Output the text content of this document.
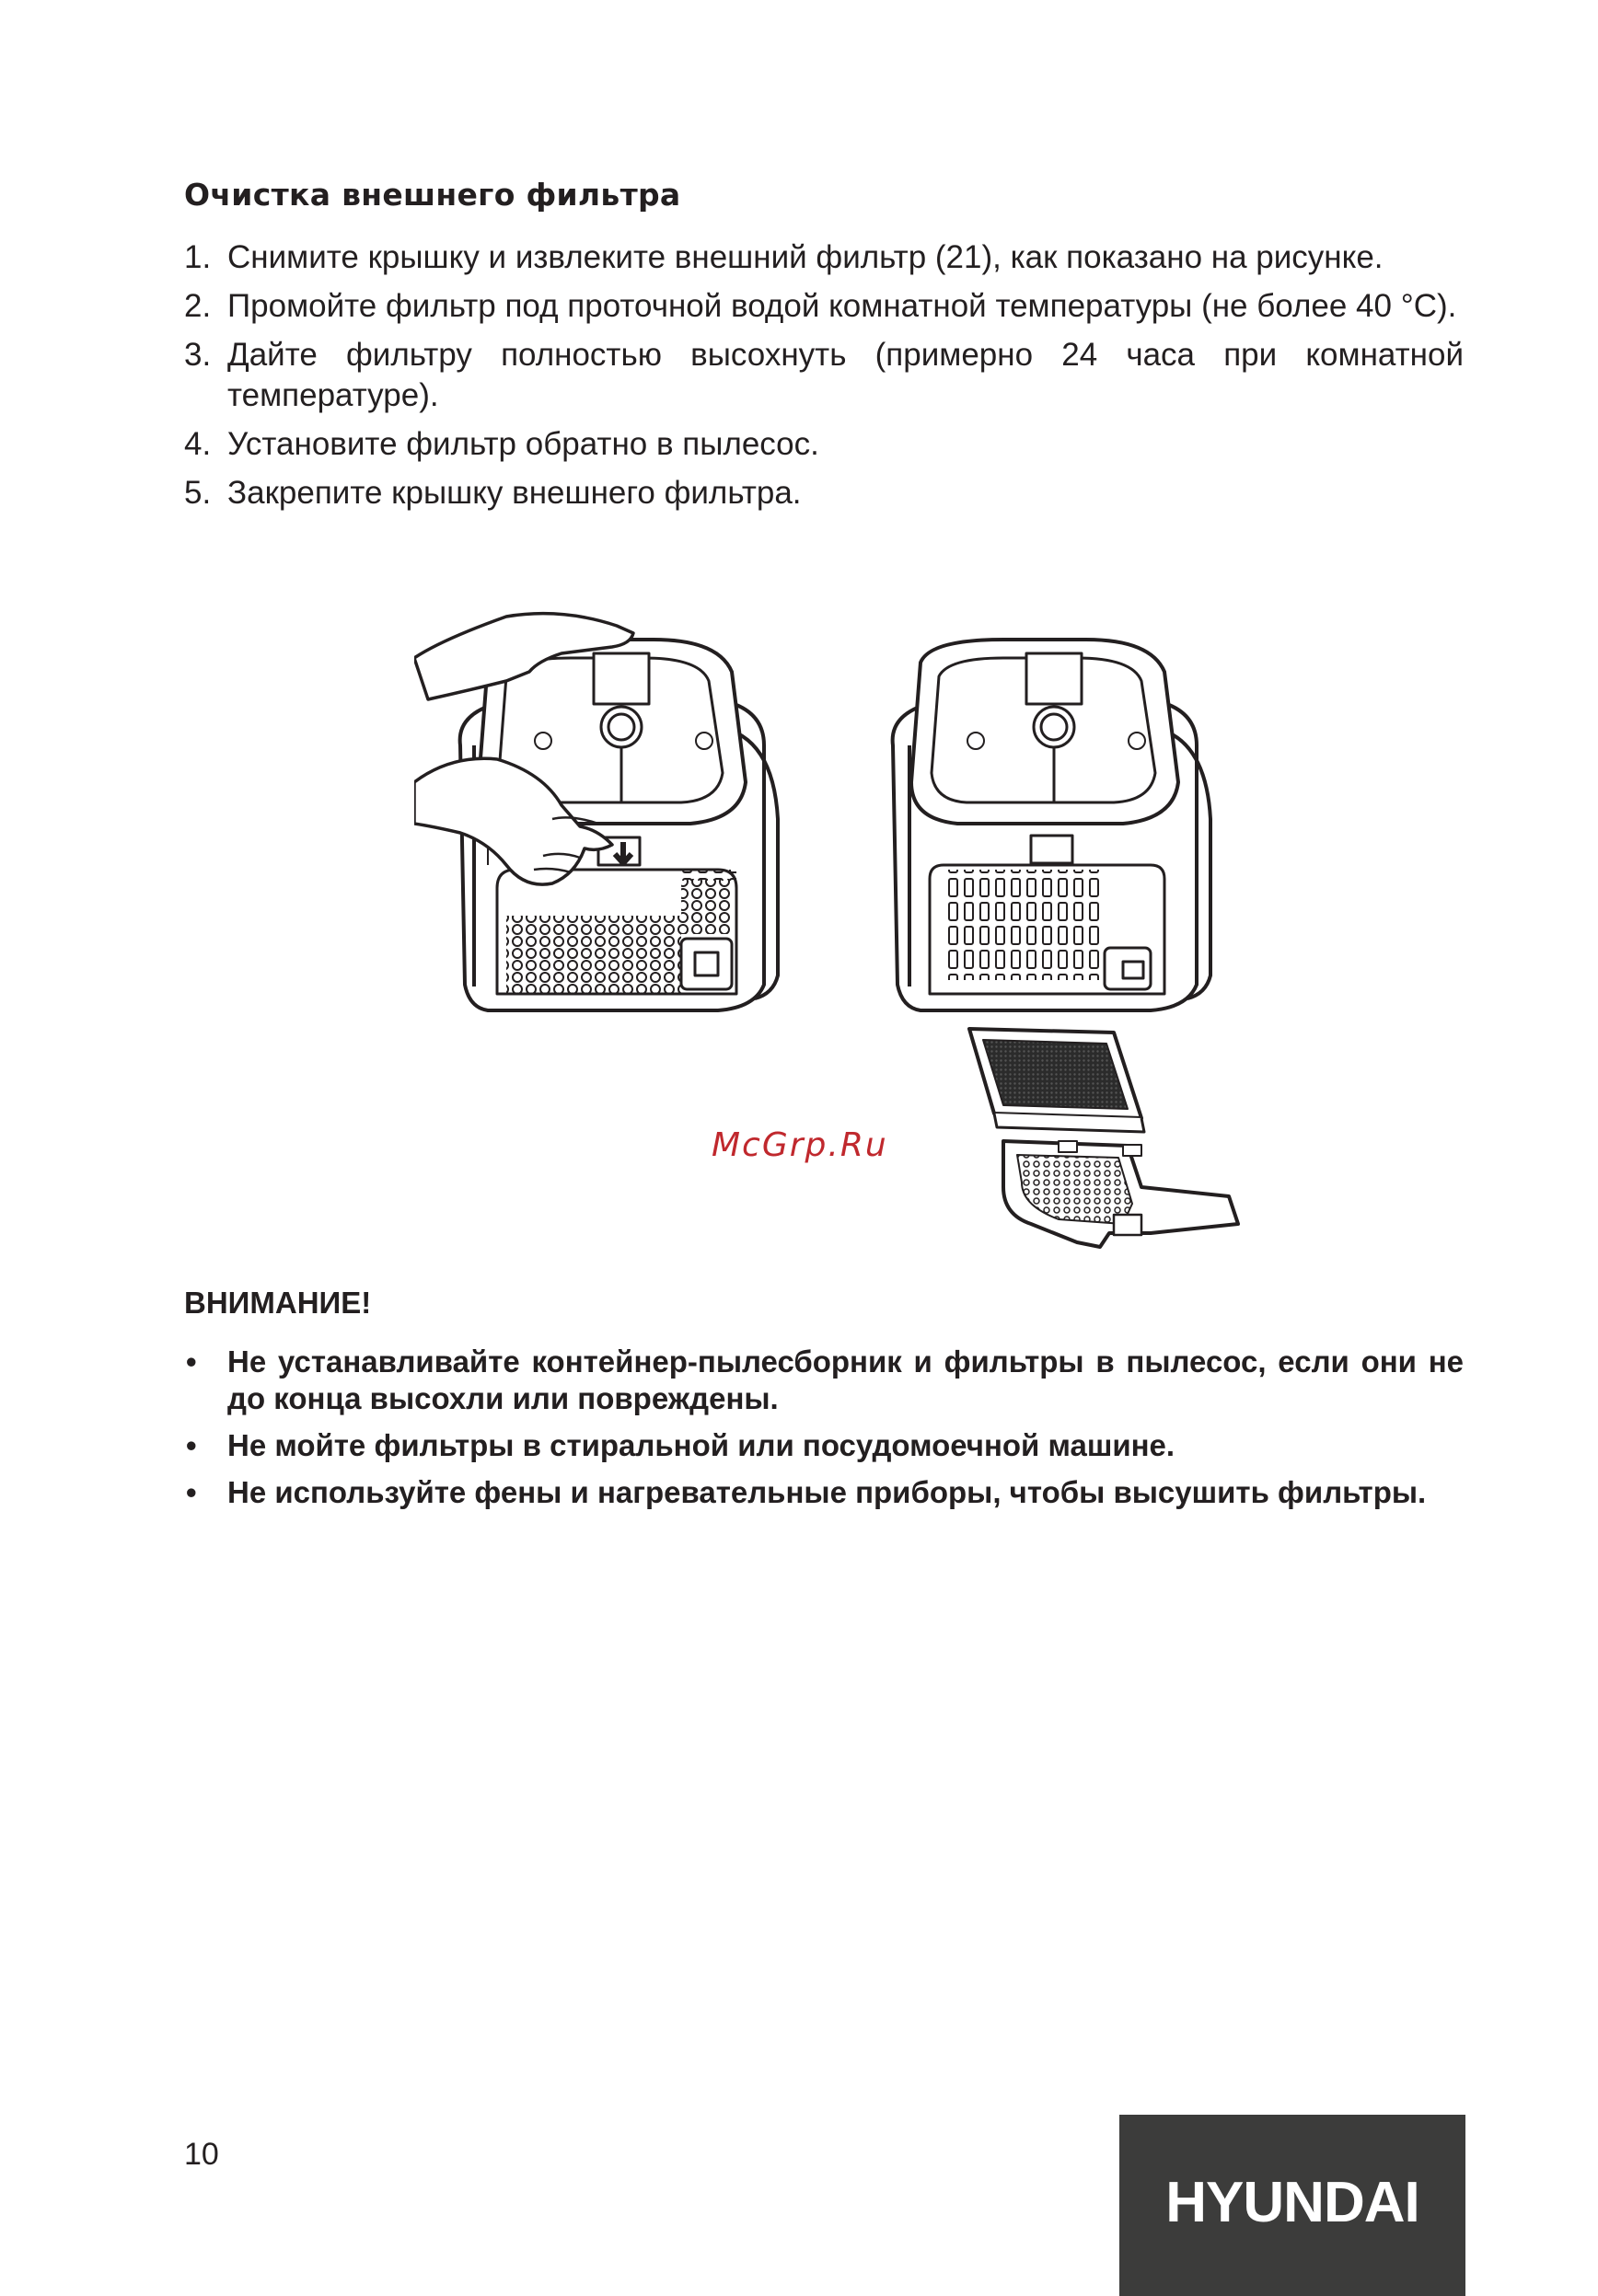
Очистка внешнего фильтра
1. Снимите крышку и извлеките внешний фильтр (21), как показано на рисунке.
2. Промойте фильтр под проточной водой комнатной температуры (не более 40 °С).
3. Дайте фильтру полностью высохнуть (примерно 24 часа при комнатной температуре).
4. Установите фильтр обратно в пылесос.
5. Закрепите крышку внешнего фильтра.
McGrp.Ru
ВНИМАНИЕ!
• Не устанавливайте контейнер-пылесборник и фильтры в пылесос, если они не до конца высохли или повреждены.
• Не мойте фильтры в стиральной или посудомоечной машине.
• Не используйте фены и нагревательные приборы, чтобы высушить фильтры.
10
HYUNDAI
